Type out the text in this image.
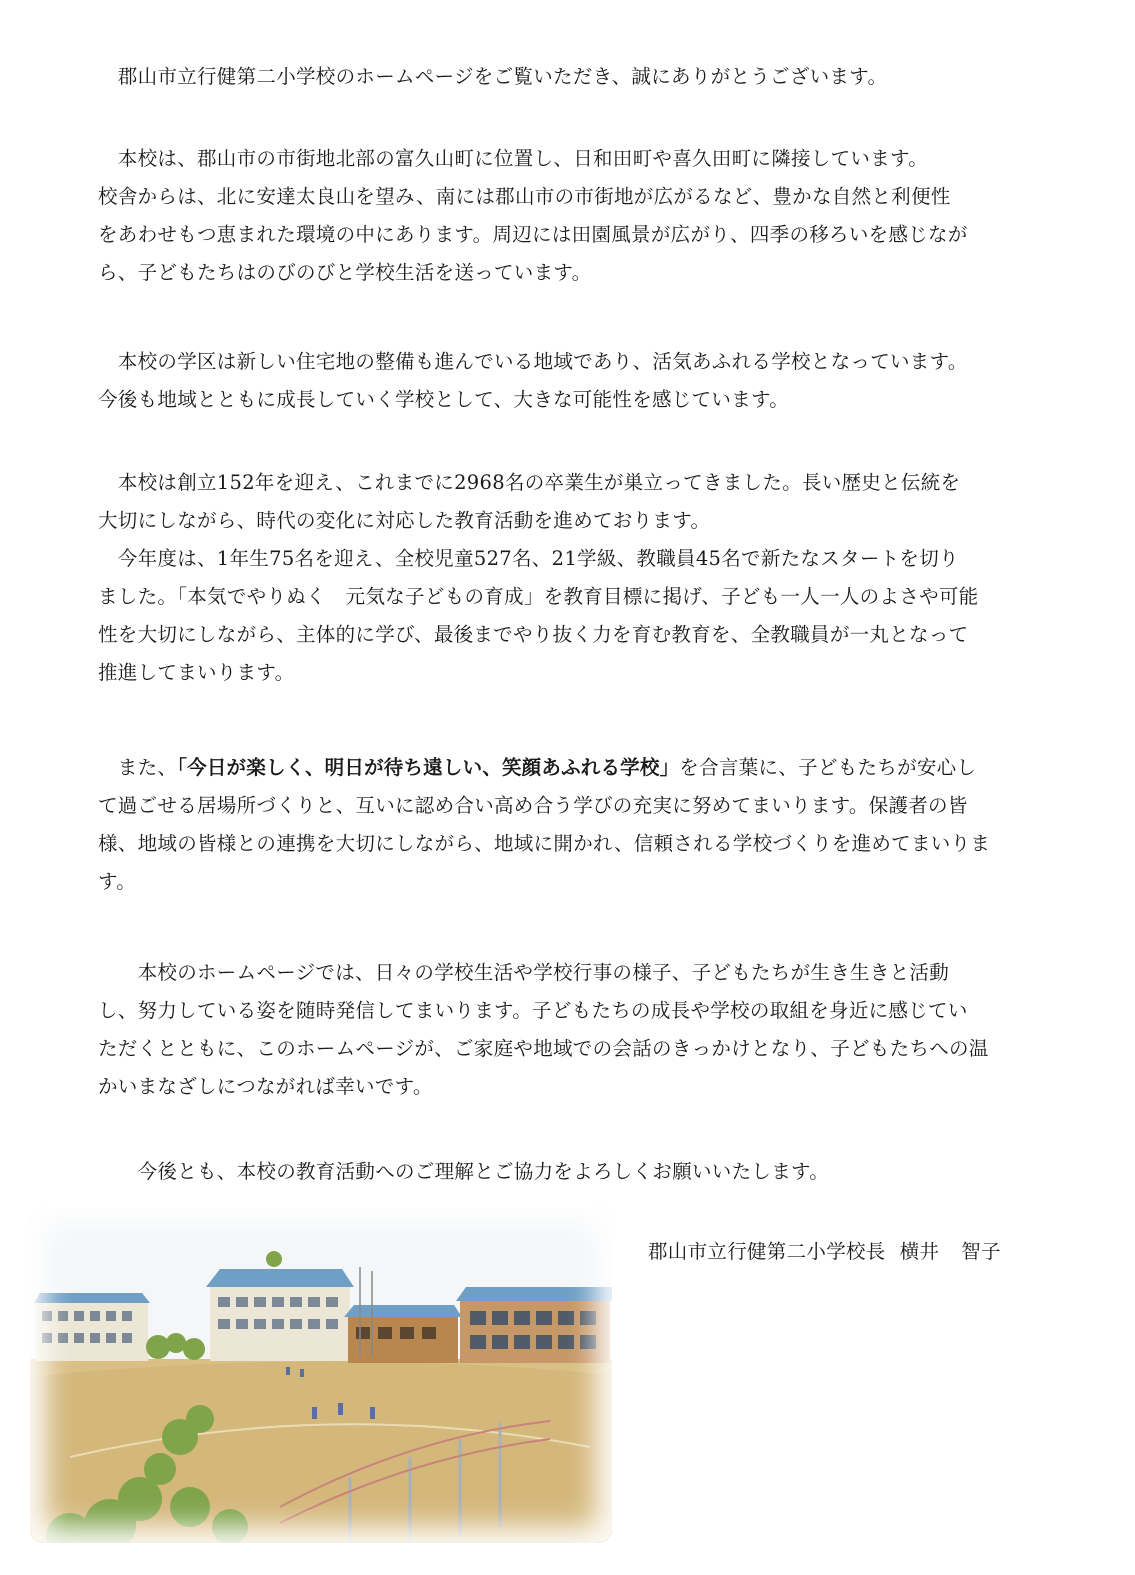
　郡山市立行健第二小学校のホームページをご覧いただき、誠にありがとうございます。

　本校は、郡山市の市街地北部の富久山町に位置し、日和田町や喜久田町に隣接しています。
校舎からは、北に安達太良山を望み、南には郡山市の市街地が広がるなど、豊かな自然と利便性
をあわせもつ恵まれた環境の中にあります。周辺には田園風景が広がり、四季の移ろいを感じなが
ら、子どもたちはのびのびと学校生活を送っています。

　本校の学区は新しい住宅地の整備も進んでいる地域であり、活気あふれる学校となっています。
今後も地域とともに成長していく学校として、大きな可能性を感じています。

　本校は創立152年を迎え、これまでに2968名の卒業生が巣立ってきました。長い歴史と伝統を
大切にしながら、時代の変化に対応した教育活動を進めております。
　今年度は、1年生75名を迎え、全校児童527名、21学級、教職員45名で新たなスタートを切り
ました。「本気でやりぬく　元気な子どもの育成」を教育目標に掲げ、子ども一人一人のよさや可能
性を大切にしながら、主体的に学び、最後までやり抜く力を育む教育を、全教職員が一丸となって
推進してまいります。

　また、「今日が楽しく、明日が待ち遠しい、笑顔あふれる学校」を合言葉に、子どもたちが安心し
て過ごせる居場所づくりと、互いに認め合い高め合う学びの充実に努めてまいります。保護者の皆
様、地域の皆様との連携を大切にしながら、地域に開かれ、信頼される学校づくりを進めてまいりま
す。

　　本校のホームページでは、日々の学校生活や学校行事の様子、子どもたちが生き生きと活動
し、努力している姿を随時発信してまいります。子どもたちの成長や学校の取組を身近に感じてい
ただくとともに、このホームページが、ご家庭や地域での会話のきっかけとなり、子どもたちへの温
かいまなざしにつながれば幸いです。

　　今後とも、本校の教育活動へのご理解とご協力をよろしくお願いいたします。

郡山市立行健第二小学校長 横井 智子
